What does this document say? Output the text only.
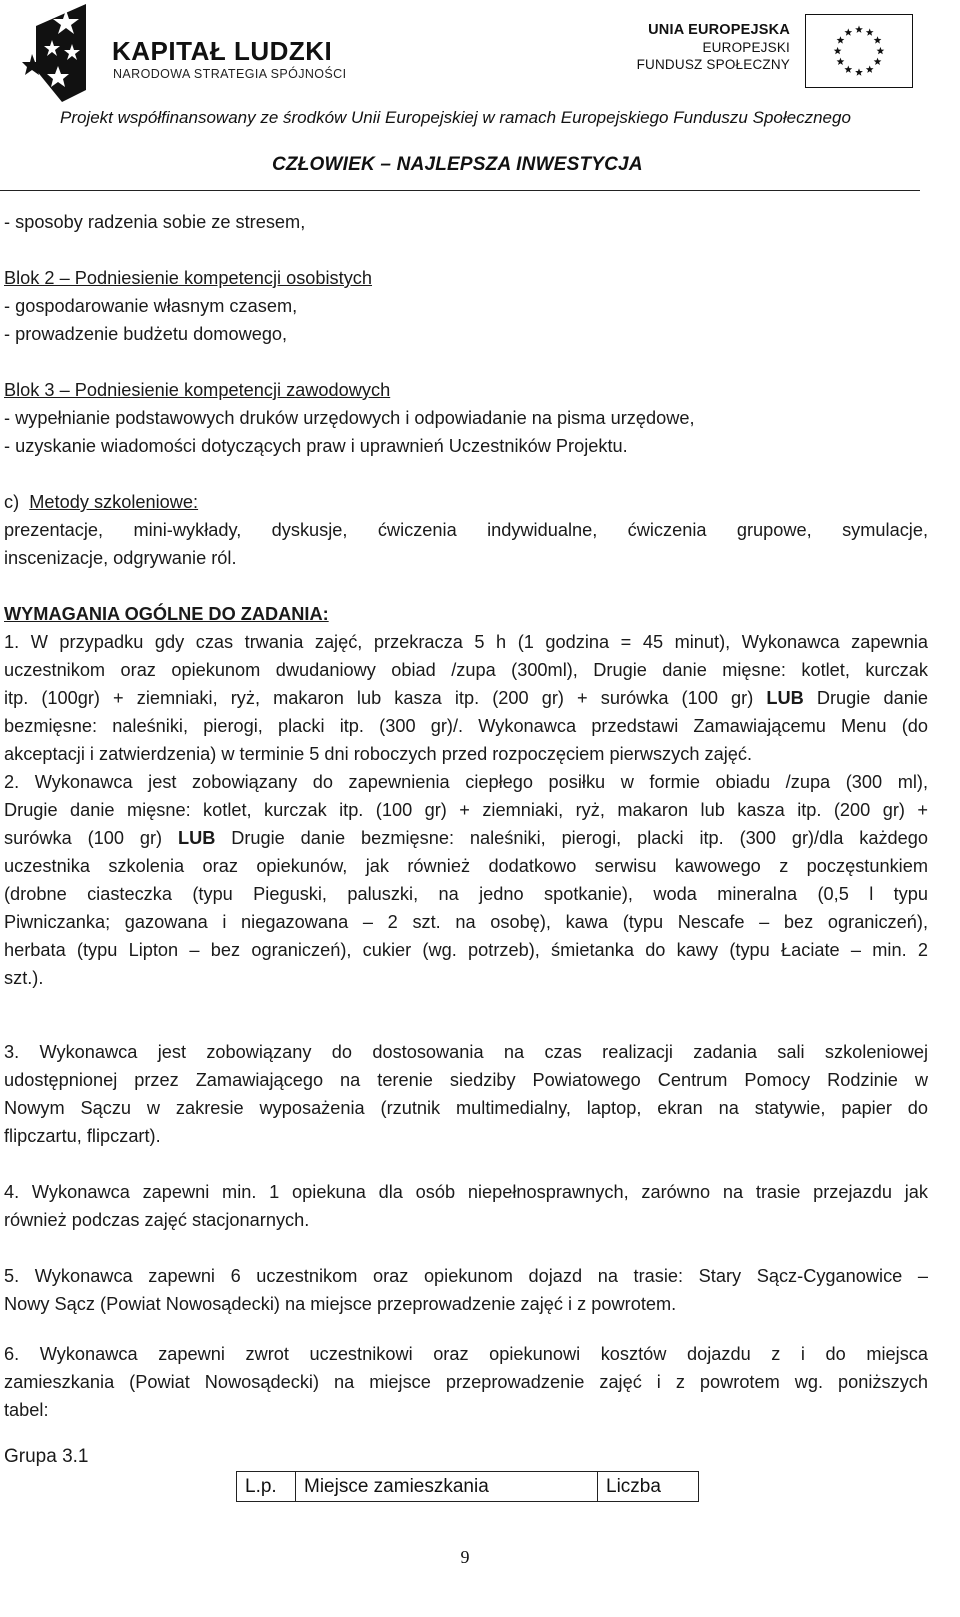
KAPITAŁ LUDZKI
NARODOWA STRATEGIA SPÓJNOŚCI
UNIA EUROPEJSKA
EUROPEJSKI
FUNDUSZ SPOŁECZNY
Projekt współfinansowany ze środków Unii Europejskiej w ramach Europejskiego Funduszu Społecznego
CZŁOWIEK – NAJLEPSZA INWESTYCJA
- sposoby radzenia sobie ze stresem,
Blok 2 – Podniesienie kompetencji osobistych
- gospodarowanie własnym czasem,
- prowadzenie budżetu domowego,
Blok 3 – Podniesienie kompetencji zawodowych
- wypełnianie podstawowych druków urzędowych i odpowiadanie na pisma urzędowe,
- uzyskanie wiadomości dotyczących praw i uprawnień Uczestników Projektu.
c) Metody szkoleniowe:
prezentacje, mini-wykłady, dyskusje, ćwiczenia indywidualne, ćwiczenia grupowe, symulacje,
inscenizacje, odgrywanie ról.
WYMAGANIA OGÓLNE DO ZADANIA:
1. W przypadku gdy czas trwania zajęć, przekracza 5 h (1 godzina = 45 minut), Wykonawca zapewnia
uczestnikom oraz opiekunom dwudaniowy obiad /zupa (300ml), Drugie danie mięsne: kotlet, kurczak
itp. (100gr) + ziemniaki, ryż, makaron lub kasza itp. (200 gr) + surówka (100 gr) LUB Drugie danie
bezmięsne: naleśniki, pierogi, placki itp. (300 gr)/. Wykonawca przedstawi Zamawiającemu Menu (do
akceptacji i zatwierdzenia) w terminie 5 dni roboczych przed rozpoczęciem pierwszych zajęć.
2. Wykonawca jest zobowiązany do zapewnienia ciepłego posiłku w formie obiadu /zupa (300 ml),
Drugie danie mięsne: kotlet, kurczak itp. (100 gr) + ziemniaki, ryż, makaron lub kasza itp. (200 gr) +
surówka (100 gr) LUB Drugie danie bezmięsne: naleśniki, pierogi, placki itp. (300 gr)/dla każdego
uczestnika szkolenia oraz opiekunów, jak również dodatkowo serwisu kawowego z poczęstunkiem
(drobne ciasteczka (typu Pieguski, paluszki, na jedno spotkanie), woda mineralna (0,5 l typu
Piwniczanka; gazowana i niegazowana – 2 szt. na osobę), kawa (typu Nescafe – bez ograniczeń),
herbata (typu Lipton – bez ograniczeń), cukier (wg. potrzeb), śmietanka do kawy (typu Łaciate – min. 2
szt.).
3. Wykonawca jest zobowiązany do dostosowania na czas realizacji zadania sali szkoleniowej
udostępnionej przez Zamawiającego na terenie siedziby Powiatowego Centrum Pomocy Rodzinie w
Nowym Sączu w zakresie wyposażenia (rzutnik multimedialny, laptop, ekran na statywie, papier do
flipczartu, flipczart).
4. Wykonawca zapewni min. 1 opiekuna dla osób niepełnosprawnych, zarówno na trasie przejazdu jak
również podczas zajęć stacjonarnych.
5. Wykonawca zapewni 6 uczestnikom oraz opiekunom dojazd na trasie: Stary Sącz-Cyganowice –
Nowy Sącz (Powiat Nowosądecki) na miejsce przeprowadzenie zajęć i z powrotem.
6. Wykonawca zapewni zwrot uczestnikowi oraz opiekunowi kosztów dojazdu z i do miejsca
zamieszkania (Powiat Nowosądecki) na miejsce przeprowadzenie zajęć i z powrotem wg. poniższych
tabel:
Grupa 3.1
L.p.	Miejsce zamieszkania	Liczba
9
